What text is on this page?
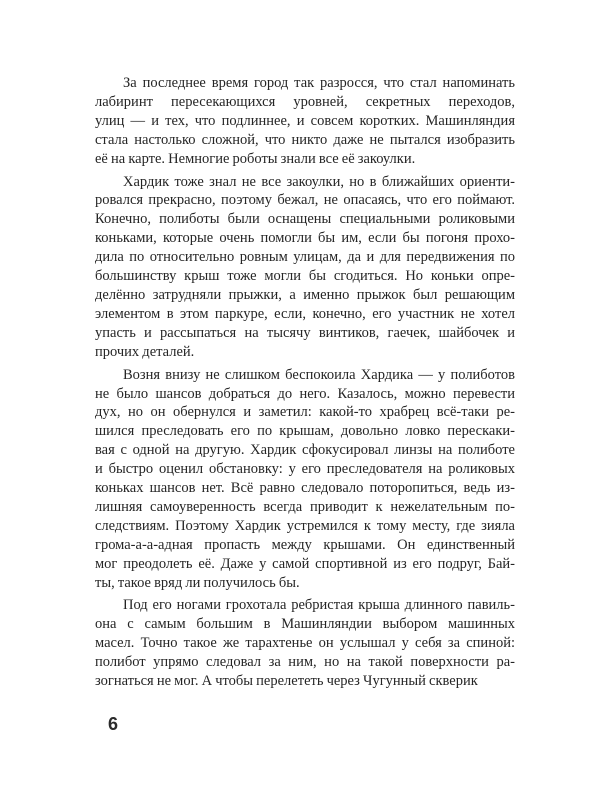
За последнее время город так разросся, что стал напоминать
лабиринт пересекающихся уровней, секретных переходов,
улиц — и тех, что подлиннее, и совсем коротких. Машинляндия
стала настолько сложной, что никто даже не пытался изобразить
её на карте. Немногие роботы знали все её закоулки.
Хардик тоже знал не все закоулки, но в ближайших ориенти-
ровался прекрасно, поэтому бежал, не опасаясь, что его поймают.
Конечно, полиботы были оснащены специальными роликовыми
коньками, которые очень помогли бы им, если бы погоня прохо-
дила по относительно ровным улицам, да и для передвижения по
большинству крыш тоже могли бы сгодиться. Но коньки опре-
делённо затрудняли прыжки, а именно прыжок был решающим
элементом в этом паркуре, если, конечно, его участник не хотел
упасть и рассыпаться на тысячу винтиков, гаечек, шайбочек и
прочих деталей.
Возня внизу не слишком беспокоила Хардика — у полиботов
не было шансов добраться до него. Казалось, можно перевести
дух, но он обернулся и заметил: какой-то храбрец всё-таки ре-
шился преследовать его по крышам, довольно ловко перескаки-
вая с одной на другую. Хардик сфокусировал линзы на полиботе
и быстро оценил обстановку: у его преследователя на роликовых
коньках шансов нет. Всё равно следовало поторопиться, ведь из-
лишняя самоуверенность всегда приводит к нежелательным по-
следствиям. Поэтому Хардик устремился к тому месту, где зияла
грома-а-а-адная пропасть между крышами. Он единственный
мог преодолеть её. Даже у самой спортивной из его подруг, Бай-
ты, такое вряд ли получилось бы.
Под его ногами грохотала ребристая крыша длинного павиль-
она с самым большим в Машинляндии выбором машинных
масел. Точно такое же тарахтенье он услышал у себя за спиной:
полибот упрямо следовал за ним, но на такой поверхности ра-
зогнаться не мог. А чтобы перелететь через Чугунный скверик
6
